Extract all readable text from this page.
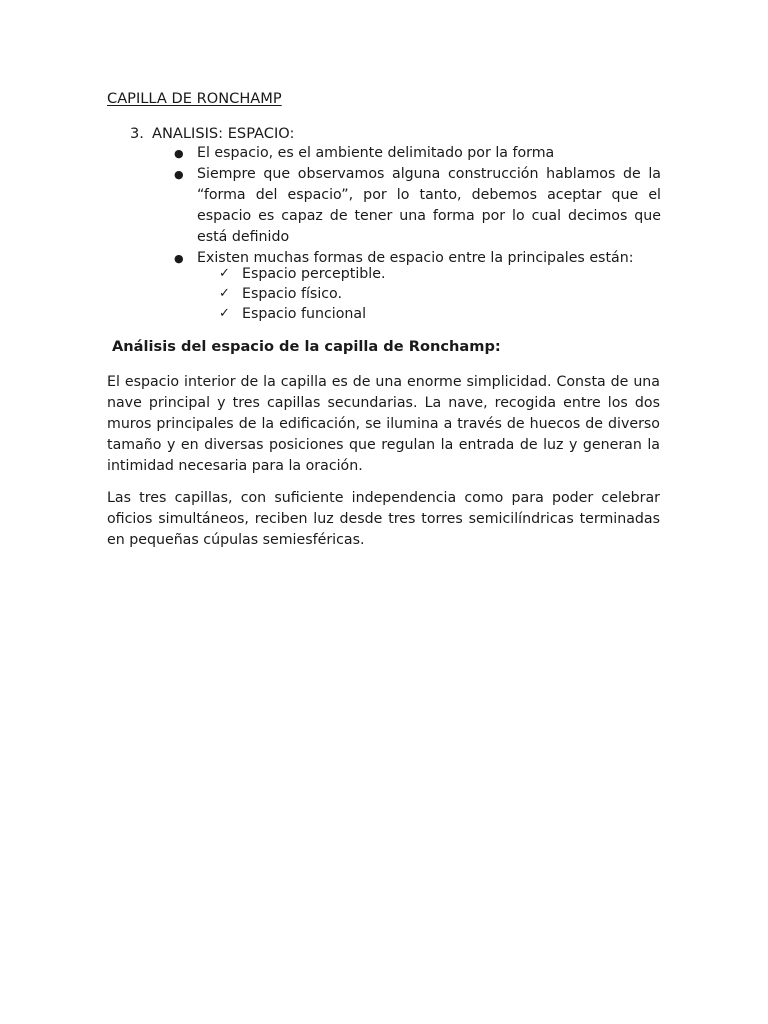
CAPILLA DE RONCHAMP
3. ANALISIS: ESPACIO:
● El espacio, es el ambiente delimitado por la forma
● Siempre que observamos alguna construcción hablamos de la “forma del espacio”, por lo tanto, debemos aceptar que el espacio es capaz de tener una forma por lo cual decimos que está definido
● Existen muchas formas de espacio entre la principales están:
✓ Espacio perceptible.
✓ Espacio físico.
✓ Espacio funcional
Análisis del espacio de la capilla de Ronchamp:

El espacio interior de la capilla es de una enorme simplicidad. Consta de una nave principal y tres capillas secundarias. La nave, recogida entre los dos muros principales de la edificación, se ilumina a través de huecos de diverso tamaño y en diversas posiciones que regulan la entrada de luz y generan la intimidad necesaria para la oración.

Las tres capillas, con suficiente independencia como para poder celebrar oficios simultáneos, reciben luz desde tres torres semicilíndricas terminadas en pequeñas cúpulas semiesféricas.
